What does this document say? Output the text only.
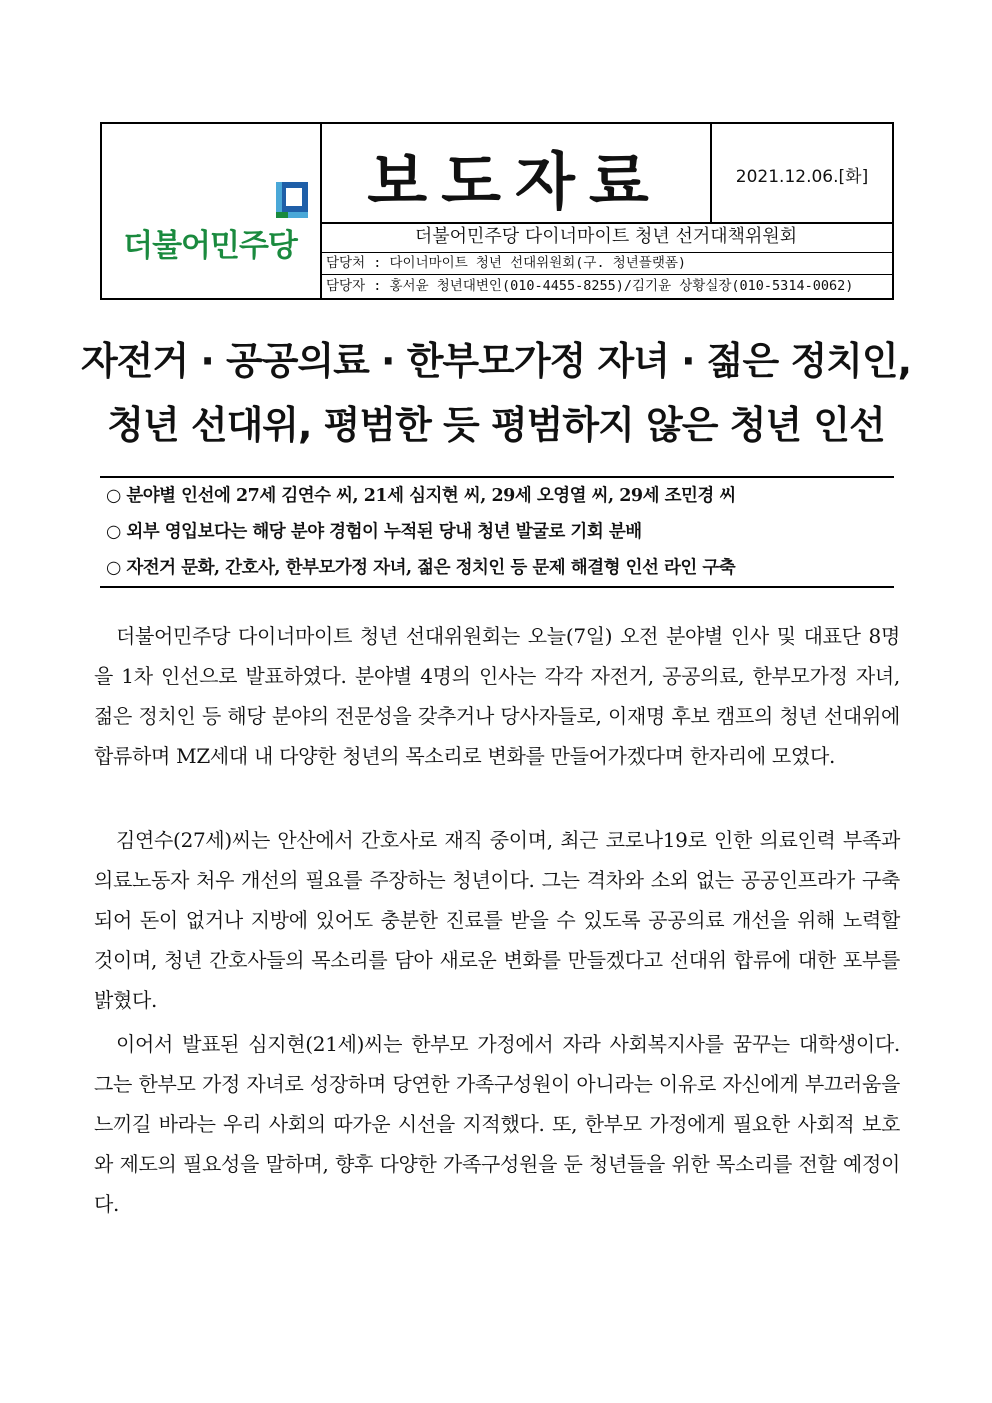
더불어민주당
보도자료	2021.12.06.[화]
더불어민주당 다이너마이트 청년 선거대책위원회
담당처 : 다이너마이트 청년 선대위원회(구. 청년플랫폼)
담당자 : 홍서윤 청년대변인(010-4455-8255)/김기윤 상황실장(010-5314-0062)
자전거 · 공공의료 · 한부모가정 자녀 · 젊은 정치인,
청년 선대위, 평범한 듯 평범하지 않은 청년 인선
○ 분야별 인선에 27세 김연수 씨, 21세 심지현 씨, 29세 오영열 씨, 29세 조민경 씨
○ 외부 영입보다는 해당 분야 경험이 누적된 당내 청년 발굴로 기회 분배
○ 자전거 문화, 간호사, 한부모가정 자녀, 젊은 정치인 등 문제 해결형 인선 라인 구축
더불어민주당 다이너마이트 청년 선대위원회는 오늘(7일) 오전 분야별 인사 및 대표단 8명을 1차 인선으로 발표하였다. 분야별 4명의 인사는 각각 자전거, 공공의료, 한부모가정 자녀, 젊은 정치인 등 해당 분야의 전문성을 갖추거나 당사자들로, 이재명 후보 캠프의 청년 선대위에 합류하며 MZ세대 내 다양한 청년의 목소리로 변화를 만들어가겠다며 한자리에 모였다.
김연수(27세)씨는 안산에서 간호사로 재직 중이며, 최근 코로나19로 인한 의료인력 부족과 의료노동자 처우 개선의 필요를 주장하는 청년이다. 그는 격차와 소외 없는 공공인프라가 구축되어 돈이 없거나 지방에 있어도 충분한 진료를 받을 수 있도록 공공의료 개선을 위해 노력할 것이며, 청년 간호사들의 목소리를 담아 새로운 변화를 만들겠다고 선대위 합류에 대한 포부를 밝혔다.
이어서 발표된 심지현(21세)씨는 한부모 가정에서 자라 사회복지사를 꿈꾸는 대학생이다. 그는 한부모 가정 자녀로 성장하며 당연한 가족구성원이 아니라는 이유로 자신에게 부끄러움을 느끼길 바라는 우리 사회의 따가운 시선을 지적했다. 또, 한부모 가정에게 필요한 사회적 보호와 제도의 필요성을 말하며, 향후 다양한 가족구성원을 둔 청년들을 위한 목소리를 전할 예정이다.
